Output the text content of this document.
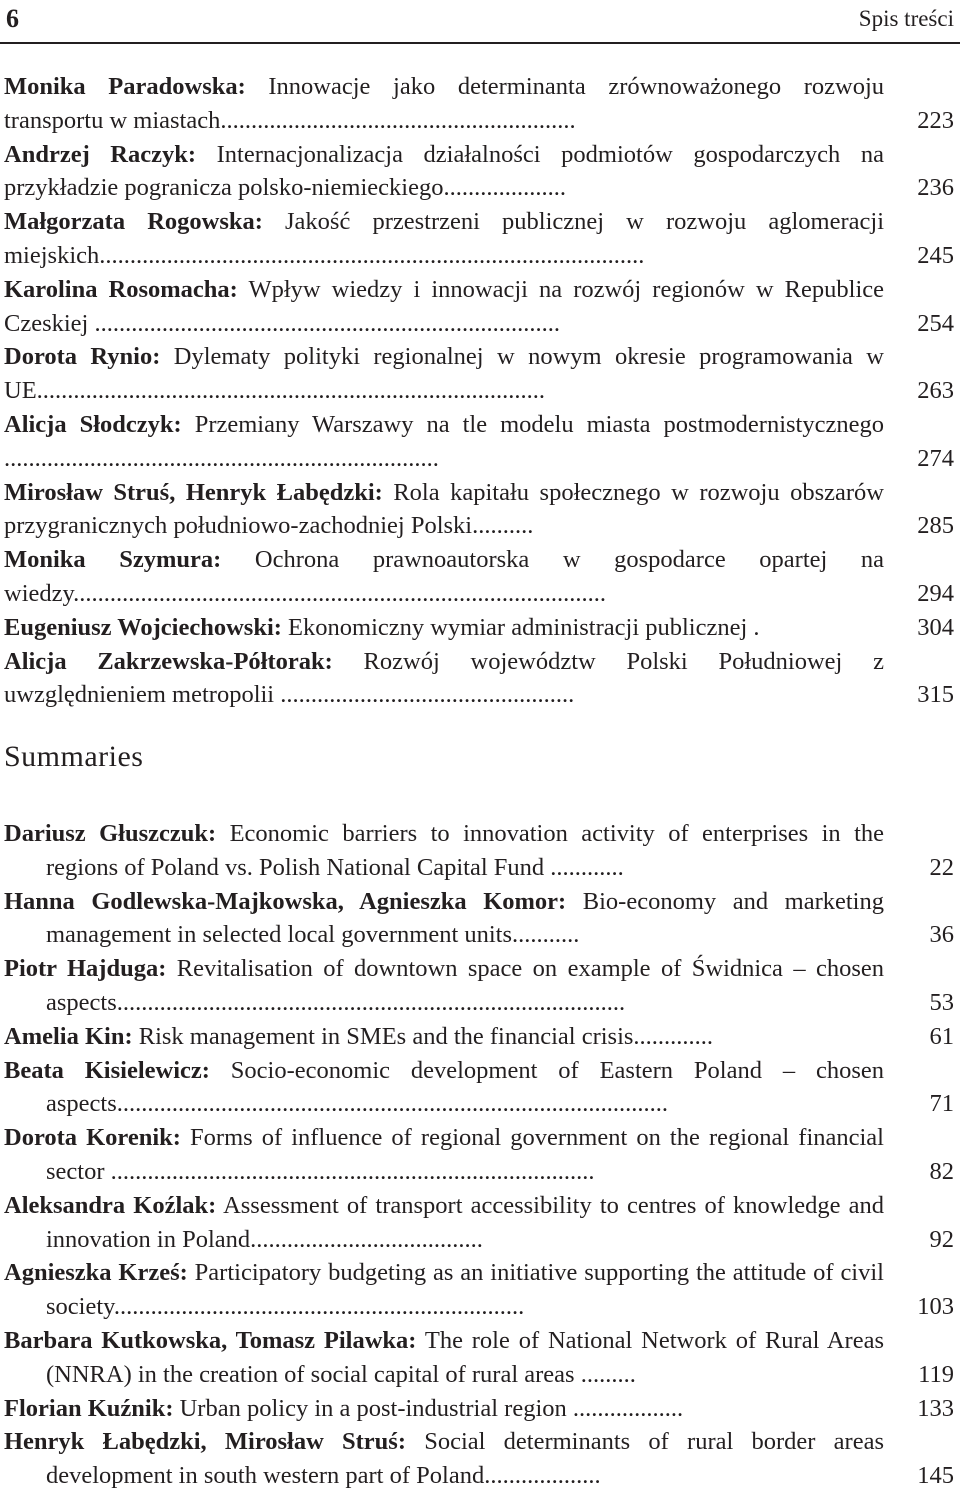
6	Spis treści
Monika Paradowska: Innowacje jako determinanta zrównoważonego rozwoju transportu w miastach..........................................................	223
Andrzej Raczyk: Internacjonalizacja działalności podmiotów gospodarczych na przykładzie pogranicza polsko-niemieckiego....................	236
Małgorzata Rogowska: Jakość przestrzeni publicznej w rozwoju aglomeracji miejskich.........................................................................................	245
Karolina Rosomacha: Wpływ wiedzy i innowacji na rozwój regionów w Republice Czeskiej ............................................................................	254
Dorota Rynio: Dylematy polityki regionalnej w nowym okresie programowania w UE...................................................................................	263
Alicja Słodczyk: Przemiany Warszawy na tle modelu miasta postmodernistycznego .......................................................................	274
Mirosław Struś, Henryk Łabędzki: Rola kapitału społecznego w rozwoju obszarów przygranicznych południowo-zachodniej Polski..........	285
Monika Szymura: Ochrona prawnoautorska w gospodarce opartej na wiedzy.......................................................................................	294
Eugeniusz Wojciechowski: Ekonomiczny wymiar administracji publicznej .	304
Alicja Zakrzewska-Półtorak: Rozwój województw Polski Południowej z uwzględnieniem metropolii ................................................	315
Summaries
Dariusz Głuszczuk: Economic barriers to innovation activity of enterprises in the regions of Poland vs. Polish National Capital Fund ............	22
Hanna Godlewska-Majkowska, Agnieszka Komor: Bio-economy and marketing management in selected local government units...........	36
Piotr Hajduga: Revitalisation of downtown space on example of Świdnica – chosen aspects...................................................................................	53
Amelia Kin: Risk management in SMEs and the financial crisis.............	61
Beata Kisielewicz: Socio-economic development of Eastern Poland – chosen aspects..........................................................................................	71
Dorota Korenik: Forms of influence of regional government on the regional financial sector ...............................................................................	82
Aleksandra Koźlak: Assessment of transport accessibility to centres of knowledge and innovation in Poland......................................	92
Agnieszka Krześ: Participatory budgeting as an initiative supporting the attitude of civil society...................................................................	103
Barbara Kutkowska, Tomasz Pilawka: The role of National Network of Rural Areas (NNRA) in the creation of social capital of rural areas .........	119
Florian Kuźnik: Urban policy in a post-industrial region ..................	133
Henryk Łabędzki, Mirosław Struś: Social determinants of rural border areas development in south western part of Poland...................	145
